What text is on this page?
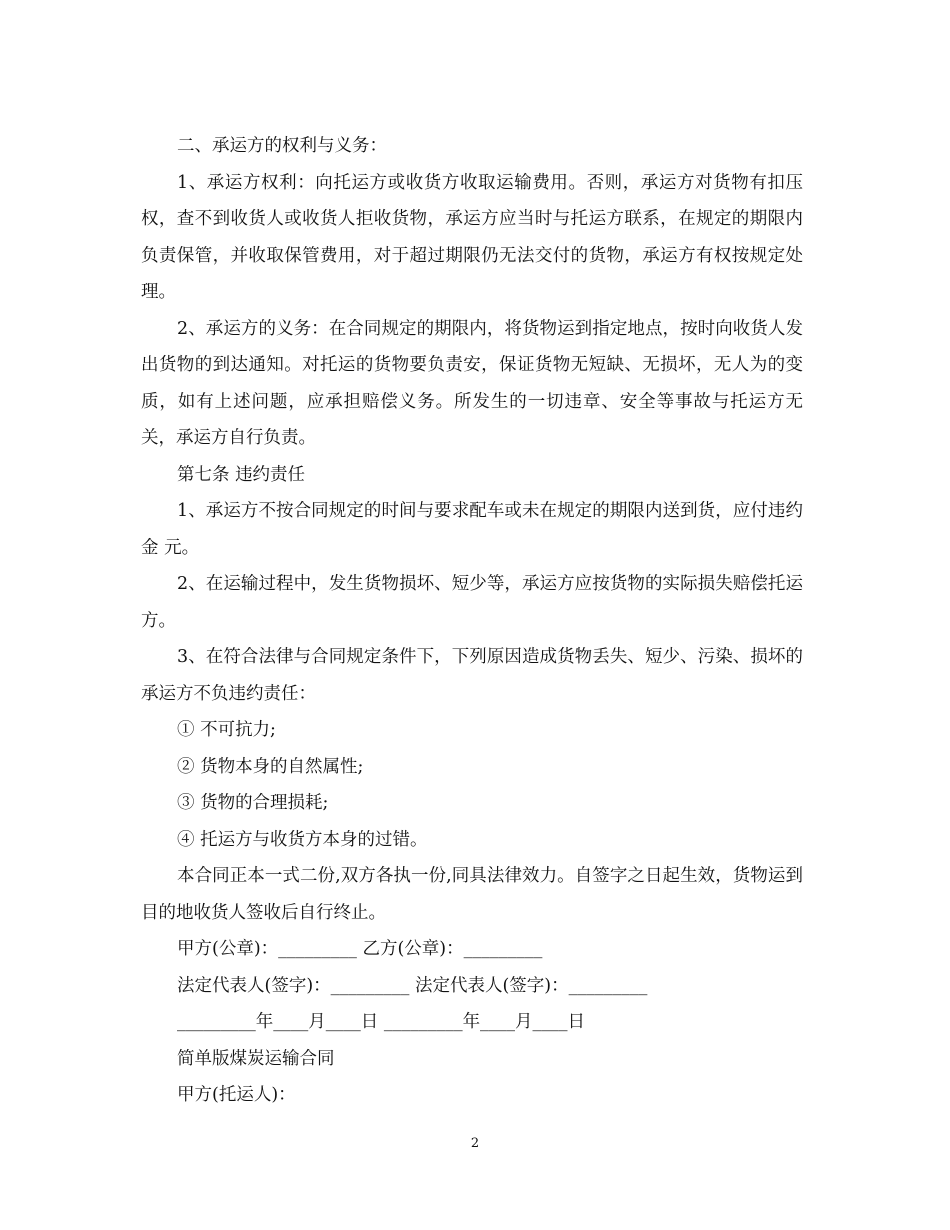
二、承运方的权利与义务：

1、承运方权利：向托运方或收货方收取运输费用。否则，承运方对货物有扣压权，查不到收货人或收货人拒收货物，承运方应当时与托运方联系，在规定的期限内负责保管，并收取保管费用，对于超过期限仍无法交付的货物，承运方有权按规定处理。

2、承运方的义务：在合同规定的期限内，将货物运到指定地点，按时向收货人发出货物的到达通知。对托运的货物要负责安，保证货物无短缺、无损坏，无人为的变质，如有上述问题，应承担赔偿义务。所发生的一切违章、安全等事故与托运方无关，承运方自行负责。

第七条 违约责任

1、承运方不按合同规定的时间与要求配车或未在规定的期限内送到货，应付违约金 元。

2、在运输过程中，发生货物损坏、短少等，承运方应按货物的实际损失赔偿托运方。

3、在符合法律与合同规定条件下，下列原因造成货物丢失、短少、污染、损坏的承运方不负违约责任：

① 不可抗力;

② 货物本身的自然属性;

③ 货物的合理损耗;

④ 托运方与收货方本身的过错。

本合同正本一式二份,双方各执一份,同具法律效力。自签字之日起生效，货物运到目的地收货人签收后自行终止。

甲方(公章)：_________ 乙方(公章)：_________

法定代表人(签字)：_________ 法定代表人(签字)：_________

_________年____月____日 _________年____月____日

简单版煤炭运输合同

甲方(托运人)：

2
